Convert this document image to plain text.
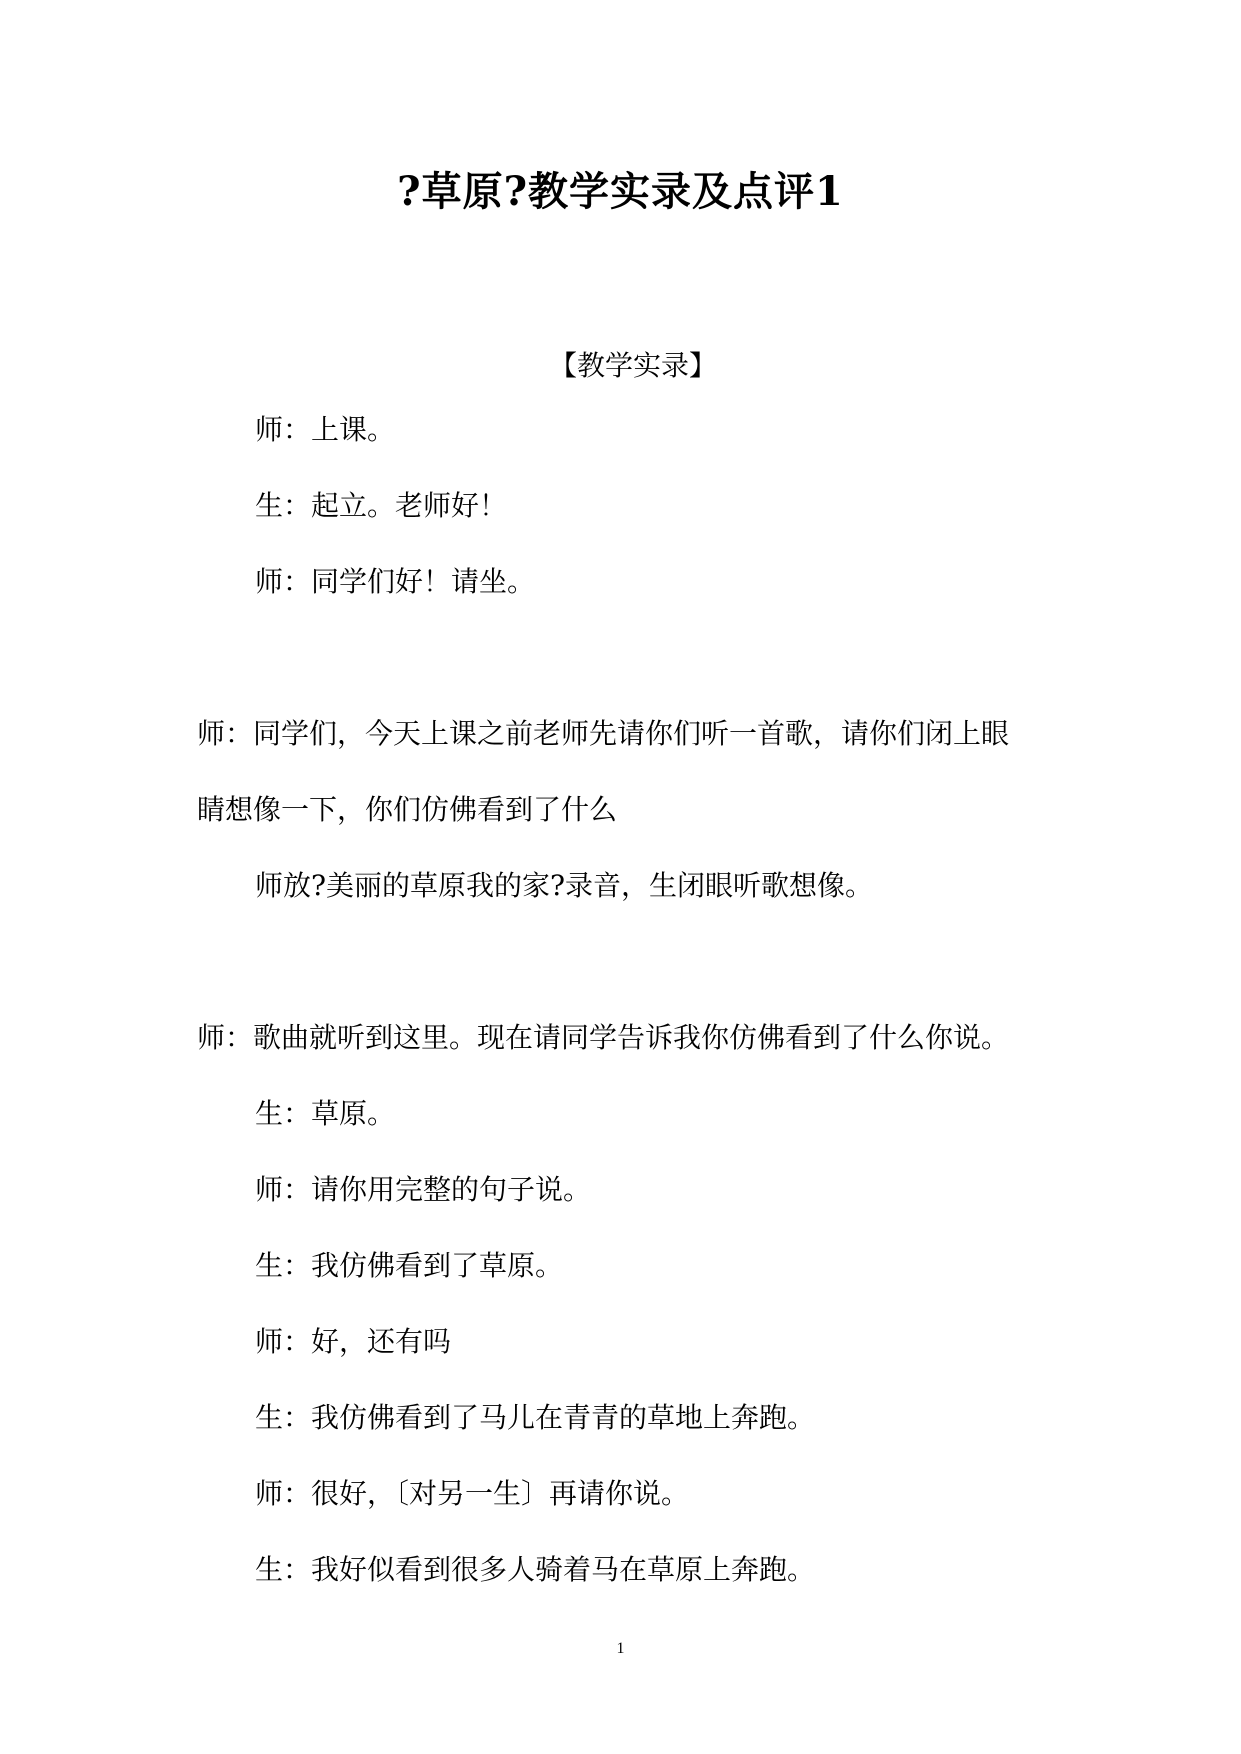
?草原?教学实录及点评1
【教学实录】
师：上课。
生：起立。老师好！
师：同学们好！请坐。
师：同学们，今天上课之前老师先请你们听一首歌，请你们闭上眼
睛想像一下，你们仿佛看到了什么
师放?美丽的草原我的家?录音，生闭眼听歌想像。
师：歌曲就听到这里。现在请同学告诉我你仿佛看到了什么你说。
生：草原。
师：请你用完整的句子说。
生：我仿佛看到了草原。
师：好，还有吗
生：我仿佛看到了马儿在青青的草地上奔跑。
师：很好，〔对另一生〕再请你说。
生：我好似看到很多人骑着马在草原上奔跑。
1
